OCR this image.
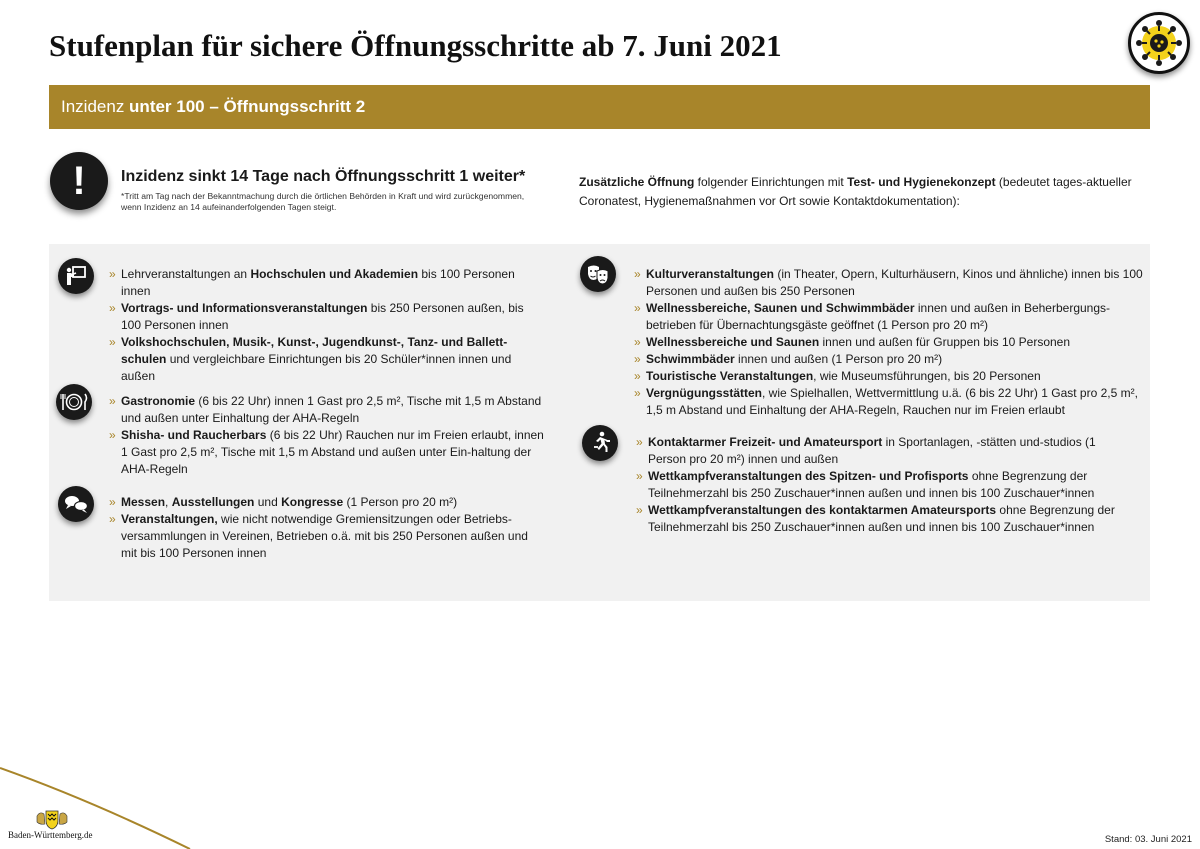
Stufenplan für sichere Öffnungsschritte ab 7. Juni 2021
Inzidenz unter 100 – Öffnungsschritt 2
!	Inzidenz sinkt 14 Tage nach Öffnungsschritt 1 weiter*
*Tritt am Tag nach der Bekanntmachung durch die örtlichen Behörden in Kraft und wird zurückgenommen, wenn Inzidenz an 14 aufeinanderfolgenden Tagen steigt.
Zusätzliche Öffnung folgender Einrichtungen mit Test- und Hygienekonzept (bedeutet tages-aktueller Coronatest, Hygienemaßnahmen vor Ort sowie Kontaktdokumentation):
» Lehrveranstaltungen an Hochschulen und Akademien bis 100 Personen innen
» Vortrags- und Informationsveranstaltungen bis 250 Personen außen, bis 100 Personen innen
» Volkshochschulen, Musik-, Kunst-, Jugendkunst-, Tanz- und Ballett-schulen und vergleichbare Einrichtungen bis 20 Schüler*innen innen und außen
» Gastronomie (6 bis 22 Uhr) innen 1 Gast pro 2,5 m², Tische mit 1,5 m Abstand und außen unter Einhaltung der AHA-Regeln
» Shisha- und Raucherbars (6 bis 22 Uhr) Rauchen nur im Freien erlaubt, innen 1 Gast pro 2,5 m², Tische mit 1,5 m Abstand und außen unter Ein-haltung der AHA-Regeln
» Messen, Ausstellungen und Kongresse (1 Person pro 20 m²)
» Veranstaltungen, wie nicht notwendige Gremiensitzungen oder Betriebs-versammlungen in Vereinen, Betrieben o.ä. mit bis 250 Personen außen und mit bis 100 Personen innen
» Kulturveranstaltungen (in Theater, Opern, Kulturhäusern, Kinos und ähnliche) innen bis 100 Personen und außen bis 250 Personen
» Wellnessbereiche, Saunen und Schwimmbäder innen und außen in Beherbergungs-betrieben für Übernachtungsgäste geöffnet (1 Person pro 20 m²)
» Wellnessbereiche und Saunen innen und außen für Gruppen bis 10 Personen
» Schwimmbäder innen und außen (1 Person pro 20 m²)
» Touristische Veranstaltungen, wie Museumsführungen, bis 20 Personen
» Vergnügungsstätten, wie Spielhallen, Wettvermittlung u.ä. (6 bis 22 Uhr) 1 Gast pro 2,5 m², 1,5 m Abstand und Einhaltung der AHA-Regeln, Rauchen nur im Freien erlaubt
» Kontaktarmer Freizeit- und Amateursport in Sportanlagen, -stätten und-studios (1 Person pro 20 m²) innen und außen
» Wettkampfveranstaltungen des Spitzen- und Profisports ohne Begrenzung der Teilnehmerzahl bis 250 Zuschauer*innen außen und innen bis 100 Zuschauer*innen
» Wettkampfveranstaltungen des kontaktarmen Amateursports ohne Begrenzung der Teilnehmerzahl bis 250 Zuschauer*innen außen und innen bis 100 Zuschauer*innen
Baden-Württemberg.de	Stand: 03. Juni 2021
